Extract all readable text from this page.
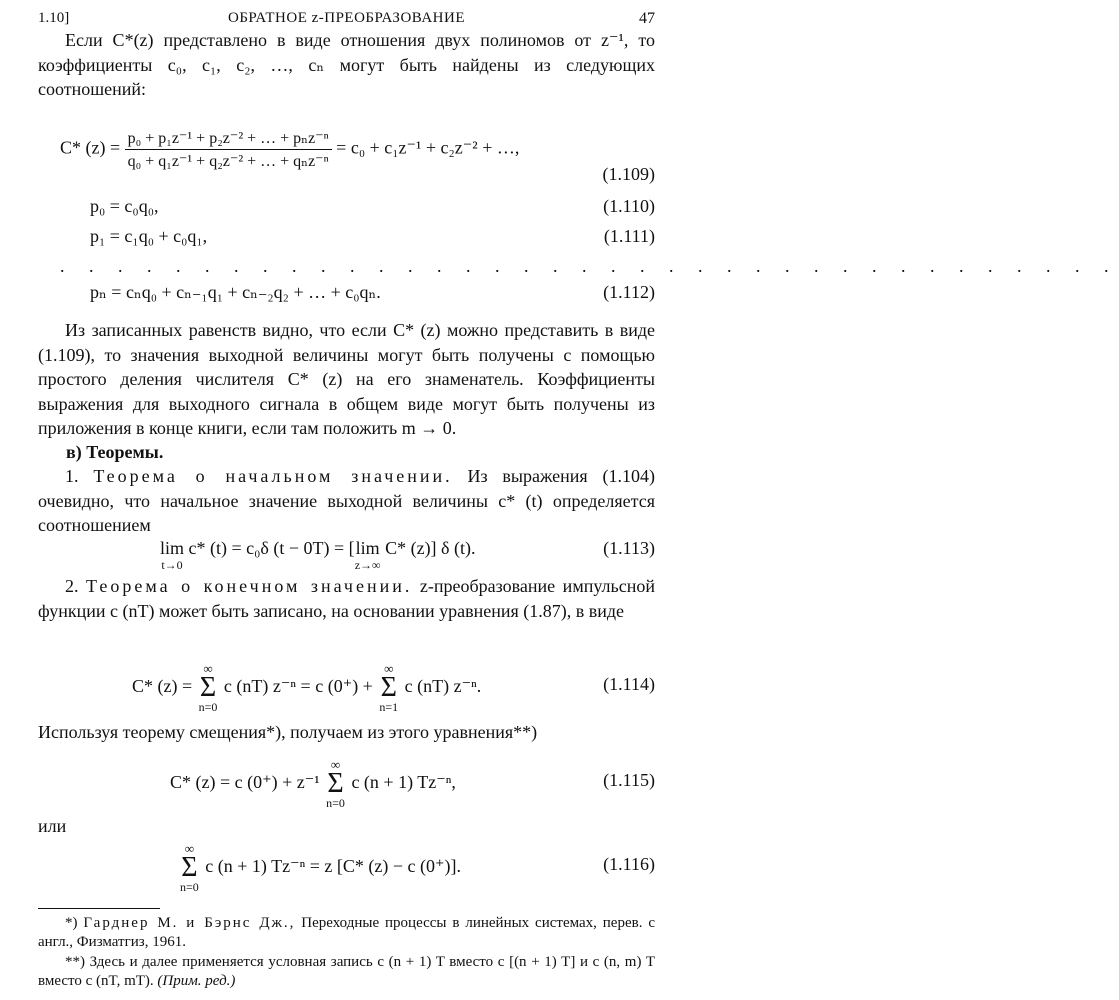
1.10]	ОБРАТНОЕ z-ПРЕОБРАЗОВАНИЕ	47

Если C*(z) представлено в виде отношения двух полиномов от z⁻¹, то коэффициенты c₀, c₁, c₂, …, cₙ могут быть найдены из следующих соотношений:

C* $(z) = \frac{\text{p₀ + p₁z⁻¹ + p₂z⁻² + … + pₙz⁻ⁿ}}{\text{q₀ + q₁z⁻¹ + q₂z⁻² + … + qₙz⁻ⁿ}} = c_0 + c_1z^{-1} + c_2z^{-2}$ + …,
(1.109)
p₀ = c₀q₀,	(1.110)
p₁ = c₁q₀ + c₀q₁,	(1.111)
. . . . . . . . . . . . . . . . . . . . . . . . . . . . . . . . . . . . .
pₙ = cₙq₀ + cₙ₋₁q₁ + cₙ₋₂q₂ + … + c₀qₙ.	(1.112)

Из записанных равенств видно, что если C* (z) можно представить в виде (1.109), то значения выходной величины могут быть получены с помощью простого деления числителя C* (z) на его знаменатель. Коэффициенты выражения для выходного сигнала в общем виде могут быть получены из приложения в конце книги, если там положить m → 0.

в) Теоремы.

1. Теорема о начальном значении. Из выражения (1.104) очевидно, что начальное значение выходной величины c* (t) определяется соотношением

lim
t→0
c* (t) = c₀δ (t − 0T) = [lim
z→∞
C* (z)] δ (t).	(1.113)

2. Теорема о конечном значении. z-преобразование импульсной функции c (nT) может быть записано, на основании уравнения (1.87), в виде

C* (z) =
∞
Σ
n=0
c (nT) z⁻ⁿ = c (0⁺) +
∞
Σ
n=1
c (nT) z⁻ⁿ.	(1.114)

Используя теорему смещения*), получаем из этого уравнения**)

C* (z) = c (0⁺) + z⁻¹
∞
Σ
n=0
c (n + 1) Tz⁻ⁿ,	(1.115)
или
∞
Σ
n=0
c (n + 1) Tz⁻ⁿ = z [C* (z) − c (0⁺)].	(1.116)

*) Гарднер М. и Бэрнс Дж., Переходные процессы в линейных системах, перев. с англ., Физматгиз, 1961.

**) Здесь и далее применяется условная запись c (n + 1) T вместо c [(n + 1) T] и c (n, m) T вместо c (nT, mT). (Прим. ред.)
